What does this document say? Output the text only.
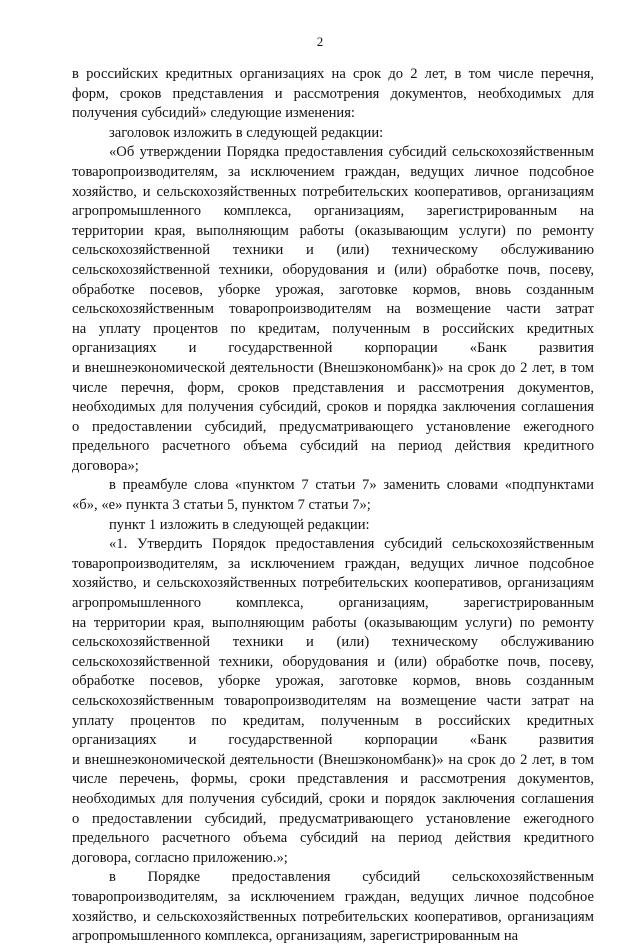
2

в российских кредитных организациях на срок до 2 лет, в том числе перечня,
форм, сроков представления и рассмотрения документов, необходимых для
получения субсидий» следующие изменения:

заголовок изложить в следующей редакции:

«Об утверждении Порядка предоставления субсидий сельскохозяйственным
товаропроизводителям, за исключением граждан, ведущих личное подсобное
хозяйство, и сельскохозяйственных потребительских кооперативов, организациям
агропромышленного комплекса, организациям, зарегистрированным на
территории края, выполняющим работы (оказывающим услуги) по ремонту
сельскохозяйственной техники и (или) техническому обслуживанию
сельскохозяйственной техники, оборудования и (или) обработке почв, посеву,
обработке посевов, уборке урожая, заготовке кормов, вновь созданным
сельскохозяйственным товаропроизводителям на возмещение части затрат
на уплату процентов по кредитам, полученным в российских кредитных
организациях и государственной корпорации «Банк развития
и внешнеэкономической деятельности (Внешэкономбанк)» на срок до 2 лет, в том
числе перечня, форм, сроков представления и рассмотрения документов,
необходимых для получения субсидий, сроков и порядка заключения соглашения
о предоставлении субсидий, предусматривающего установление ежегодного
предельного расчетного объема субсидий на период действия кредитного
договора»;

в преамбуле слова «пунктом 7 статьи 7» заменить словами «подпунктами
«б», «е» пункта 3 статьи 5, пунктом 7 статьи 7»;

пункт 1 изложить в следующей редакции:

«1. Утвердить Порядок предоставления субсидий сельскохозяйственным
товаропроизводителям, за исключением граждан, ведущих личное подсобное
хозяйство, и сельскохозяйственных потребительских кооперативов, организациям
агропромышленного комплекса, организациям, зарегистрированным
на территории края, выполняющим работы (оказывающим услуги) по ремонту
сельскохозяйственной техники и (или) техническому обслуживанию
сельскохозяйственной техники, оборудования и (или) обработке почв, посеву,
обработке посевов, уборке урожая, заготовке кормов, вновь созданным
сельскохозяйственным товаропроизводителям на возмещение части затрат на
уплату процентов по кредитам, полученным в российских кредитных
организациях и государственной корпорации «Банк развития
и внешнеэкономической деятельности (Внешэкономбанк)» на срок до 2 лет, в том
числе перечень, формы, сроки представления и рассмотрения документов,
необходимых для получения субсидий, сроки и порядок заключения соглашения
о предоставлении субсидий, предусматривающего установление ежегодного
предельного расчетного объема субсидий на период действия кредитного
договора, согласно приложению.»;

в Порядке предоставления субсидий сельскохозяйственным
товаропроизводителям, за исключением граждан, ведущих личное подсобное
хозяйство, и сельскохозяйственных потребительских кооперативов, организациям
агропромышленного комплекса, организациям, зарегистрированным на
